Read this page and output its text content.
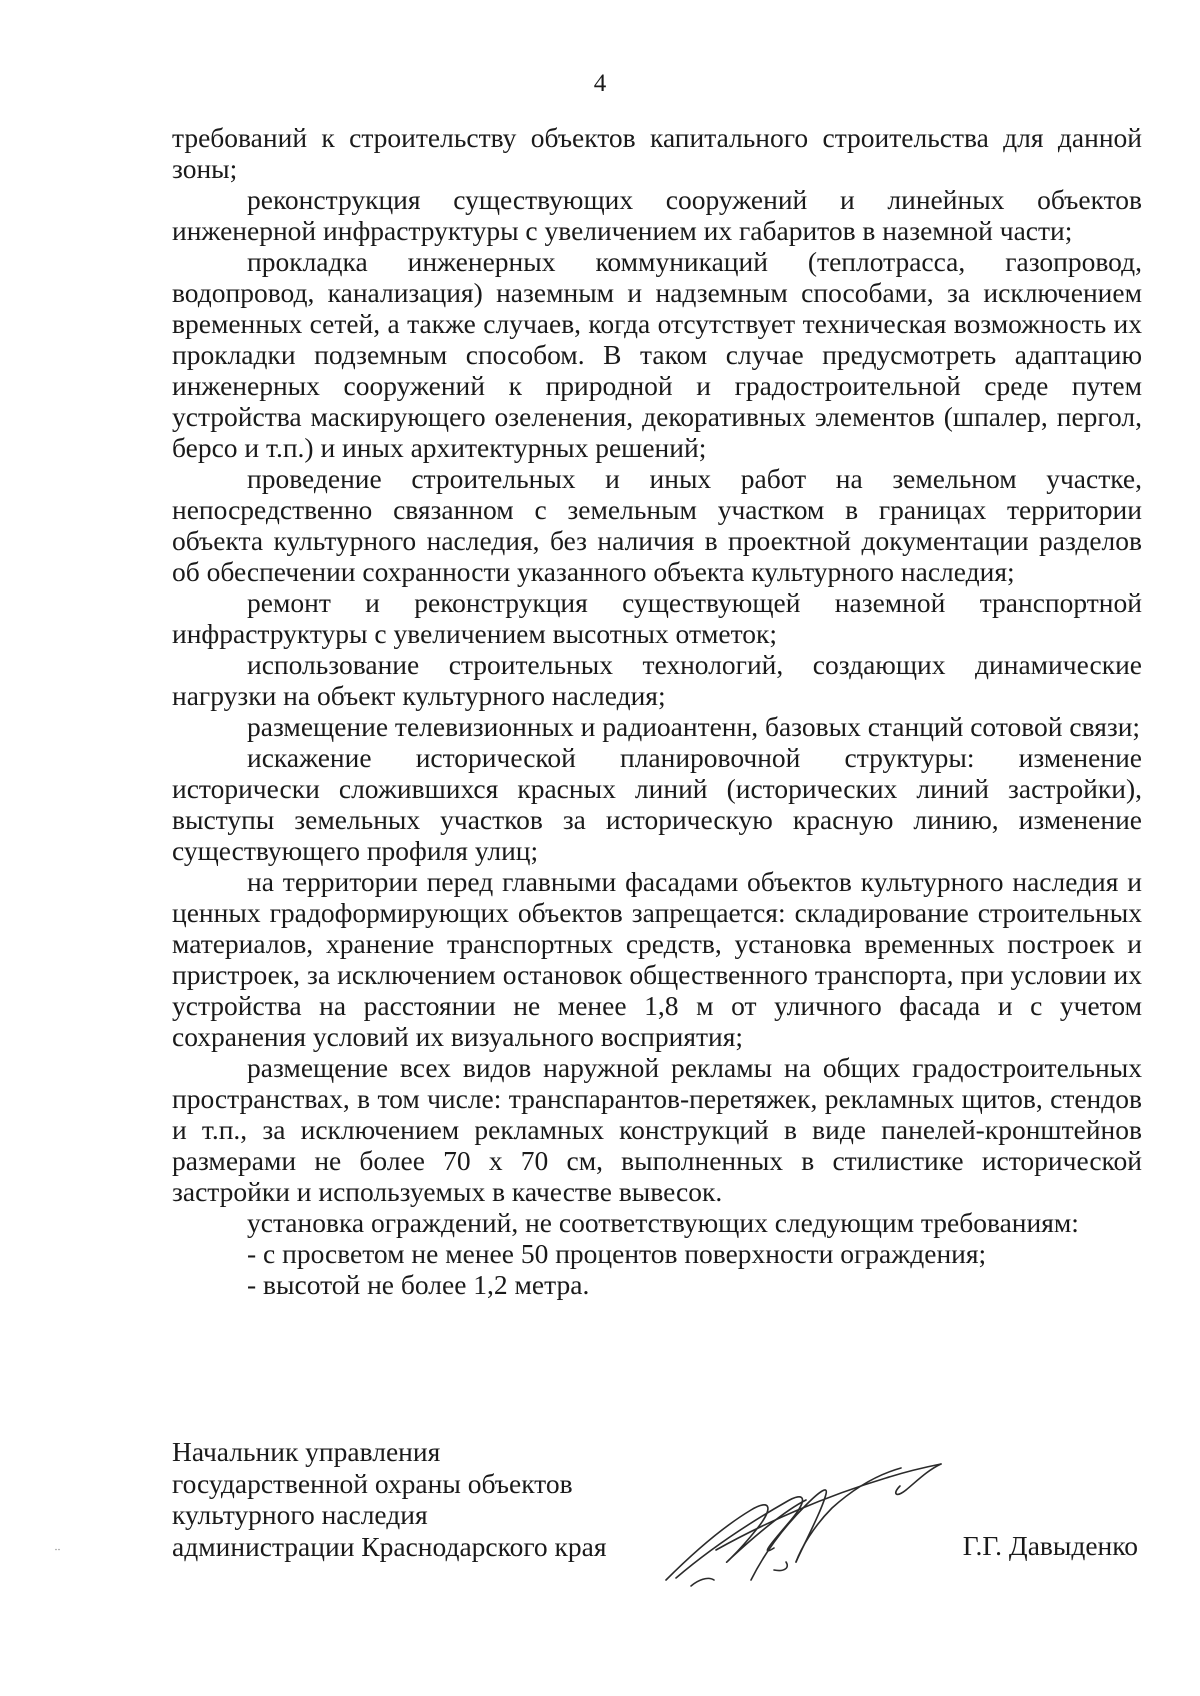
4

требований к строительству объектов капитального строительства для данной зоны;

реконструкция существующих сооружений и линейных объектов инженерной инфраструктуры с увеличением их габаритов в наземной части;

прокладка инженерных коммуникаций (теплотрасса, газопровод, водопровод, канализация) наземным и надземным способами, за исключением временных сетей, а также случаев, когда отсутствует техническая возможность их прокладки подземным способом. В таком случае предусмотреть адаптацию инженерных сооружений к природной и градостроительной среде путем устройства маскирующего озеленения, декоративных элементов (шпалер, пергол, берсо и т.п.) и иных архитектурных решений;

проведение строительных и иных работ на земельном участке, непосредственно связанном с земельным участком в границах территории объекта культурного наследия, без наличия в проектной документации разделов об обеспечении сохранности указанного объекта культурного наследия;

ремонт и реконструкция существующей наземной транспортной инфраструктуры с увеличением высотных отметок;

использование строительных технологий, создающих динамические нагрузки на объект культурного наследия;

размещение телевизионных и радиоантенн, базовых станций сотовой связи;

искажение исторической планировочной структуры: изменение исторически сложившихся красных линий (исторических линий застройки), выступы земельных участков за историческую красную линию, изменение существующего профиля улиц;

на территории перед главными фасадами объектов культурного наследия и ценных градоформирующих объектов запрещается: складирование строительных материалов, хранение транспортных средств, установка временных построек и пристроек, за исключением остановок общественного транспорта, при условии их устройства на расстоянии не менее 1,8 м от уличного фасада и с учетом сохранения условий их визуального восприятия;

размещение всех видов наружной рекламы на общих градостроительных пространствах, в том числе: транспарантов-перетяжек, рекламных щитов, стендов и т.п., за исключением рекламных конструкций в виде панелей-кронштейнов размерами не более 70 х 70 см, выполненных в стилистике исторической застройки и используемых в качестве вывесок.

установка ограждений, не соответствующих следующим требованиям:

- с просветом не менее 50 процентов поверхности ограждения;

- высотой не более 1,2 метра.

Начальник управления
государственной охраны объектов
культурного наследия
администрации Краснодарского края	Г.Г. Давыденко
